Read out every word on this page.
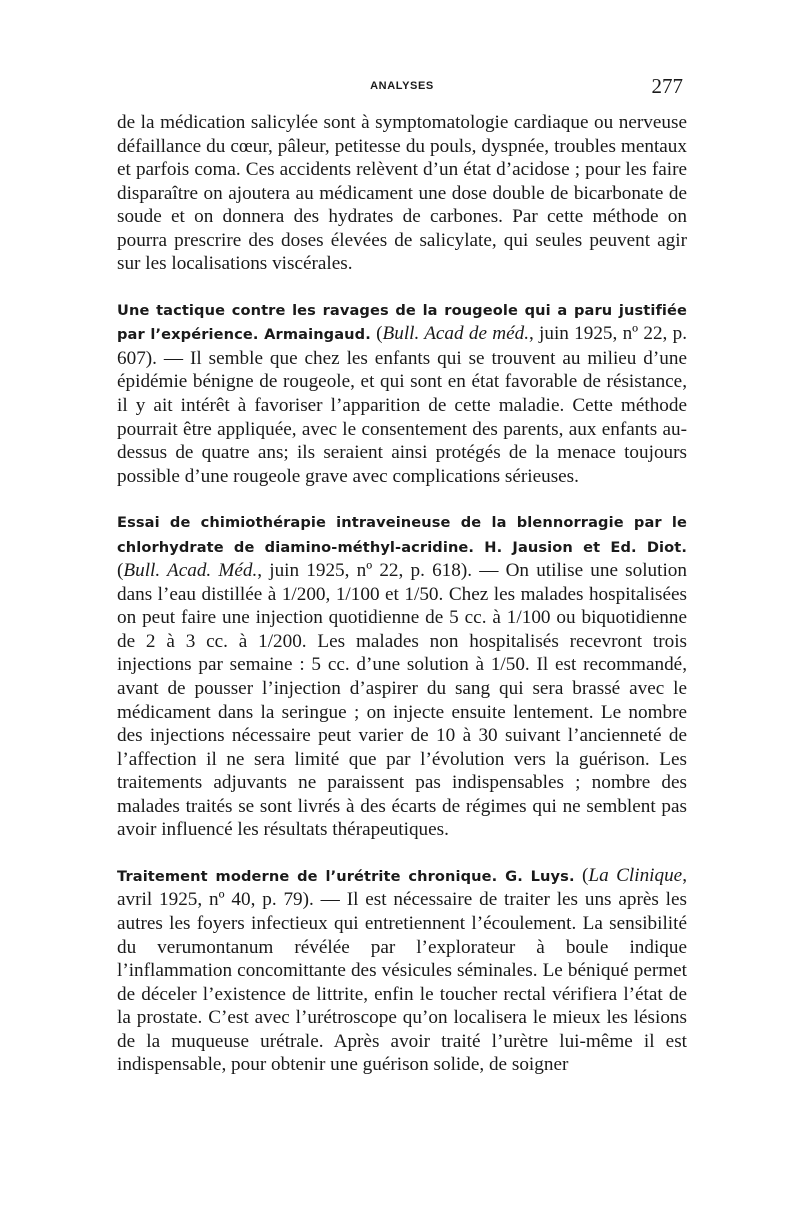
ANALYSES	277

de la médication salicylée sont à symptomatologie cardiaque ou nerveuse défaillance du cœur, pâleur, petitesse du pouls, dyspnée, troubles mentaux et parfois coma. Ces accidents relèvent d’un état d’acidose ; pour les faire disparaître on ajoutera au médicament une dose double de bicarbonate de soude et on donnera des hydrates de carbones. Par cette méthode on pourra prescrire des doses élevées de salicylate, qui seules peuvent agir sur les localisations viscérales.

Une tactique contre les ravages de la rougeole qui a paru justifiée par l’expérience. Armaingaud. (Bull. Acad de méd., juin 1925, nº 22, p. 607). — Il semble que chez les enfants qui se trouvent au milieu d’une épidémie bénigne de rougeole, et qui sont en état favorable de résistance, il y ait intérêt à favoriser l’apparition de cette maladie. Cette méthode pourrait être appliquée, avec le consentement des parents, aux enfants au-dessus de quatre ans; ils seraient ainsi protégés de la menace toujours possible d’une rougeole grave avec complications sérieuses.

Essai de chimiothérapie intraveineuse de la blennorragie par le chlorhydrate de diamino-méthyl-acridine. H. Jausion et Ed. Diot. (Bull. Acad. Méd., juin 1925, nº 22, p. 618). — On utilise une solution dans l’eau distillée à 1/200, 1/100 et 1/50. Chez les malades hospitalisées on peut faire une injection quotidienne de 5 cc. à 1/100 ou biquotidienne de 2 à 3 cc. à 1/200. Les malades non hospitalisés recevront trois injections par semaine : 5 cc. d’une solution à 1/50. Il est recommandé, avant de pousser l’injection d’aspirer du sang qui sera brassé avec le médicament dans la seringue ; on injecte ensuite lentement. Le nombre des injections nécessaire peut varier de 10 à 30 suivant l’ancienneté de l’affection il ne sera limité que par l’évolution vers la guérison. Les traitements adjuvants ne paraissent pas indispensables ; nombre des malades traités se sont livrés à des écarts de régimes qui ne semblent pas avoir influencé les résultats thérapeutiques.

Traitement moderne de l’urétrite chronique. G. Luys. (La Clinique, avril 1925, nº 40, p. 79). — Il est nécessaire de traiter les uns après les autres les foyers infectieux qui entretiennent l’écoulement. La sensibilité du verumontanum révélée par l’explorateur à boule indique l’inflammation concomittante des vésicules séminales. Le béniqué permet de déceler l’existence de littrite, enfin le toucher rectal vérifiera l’état de la prostate. C’est avec l’urétroscope qu’on localisera le mieux les lésions de la muqueuse urétrale. Après avoir traité l’urètre lui-même il est indispensable, pour obtenir une guérison solide, de soigner
